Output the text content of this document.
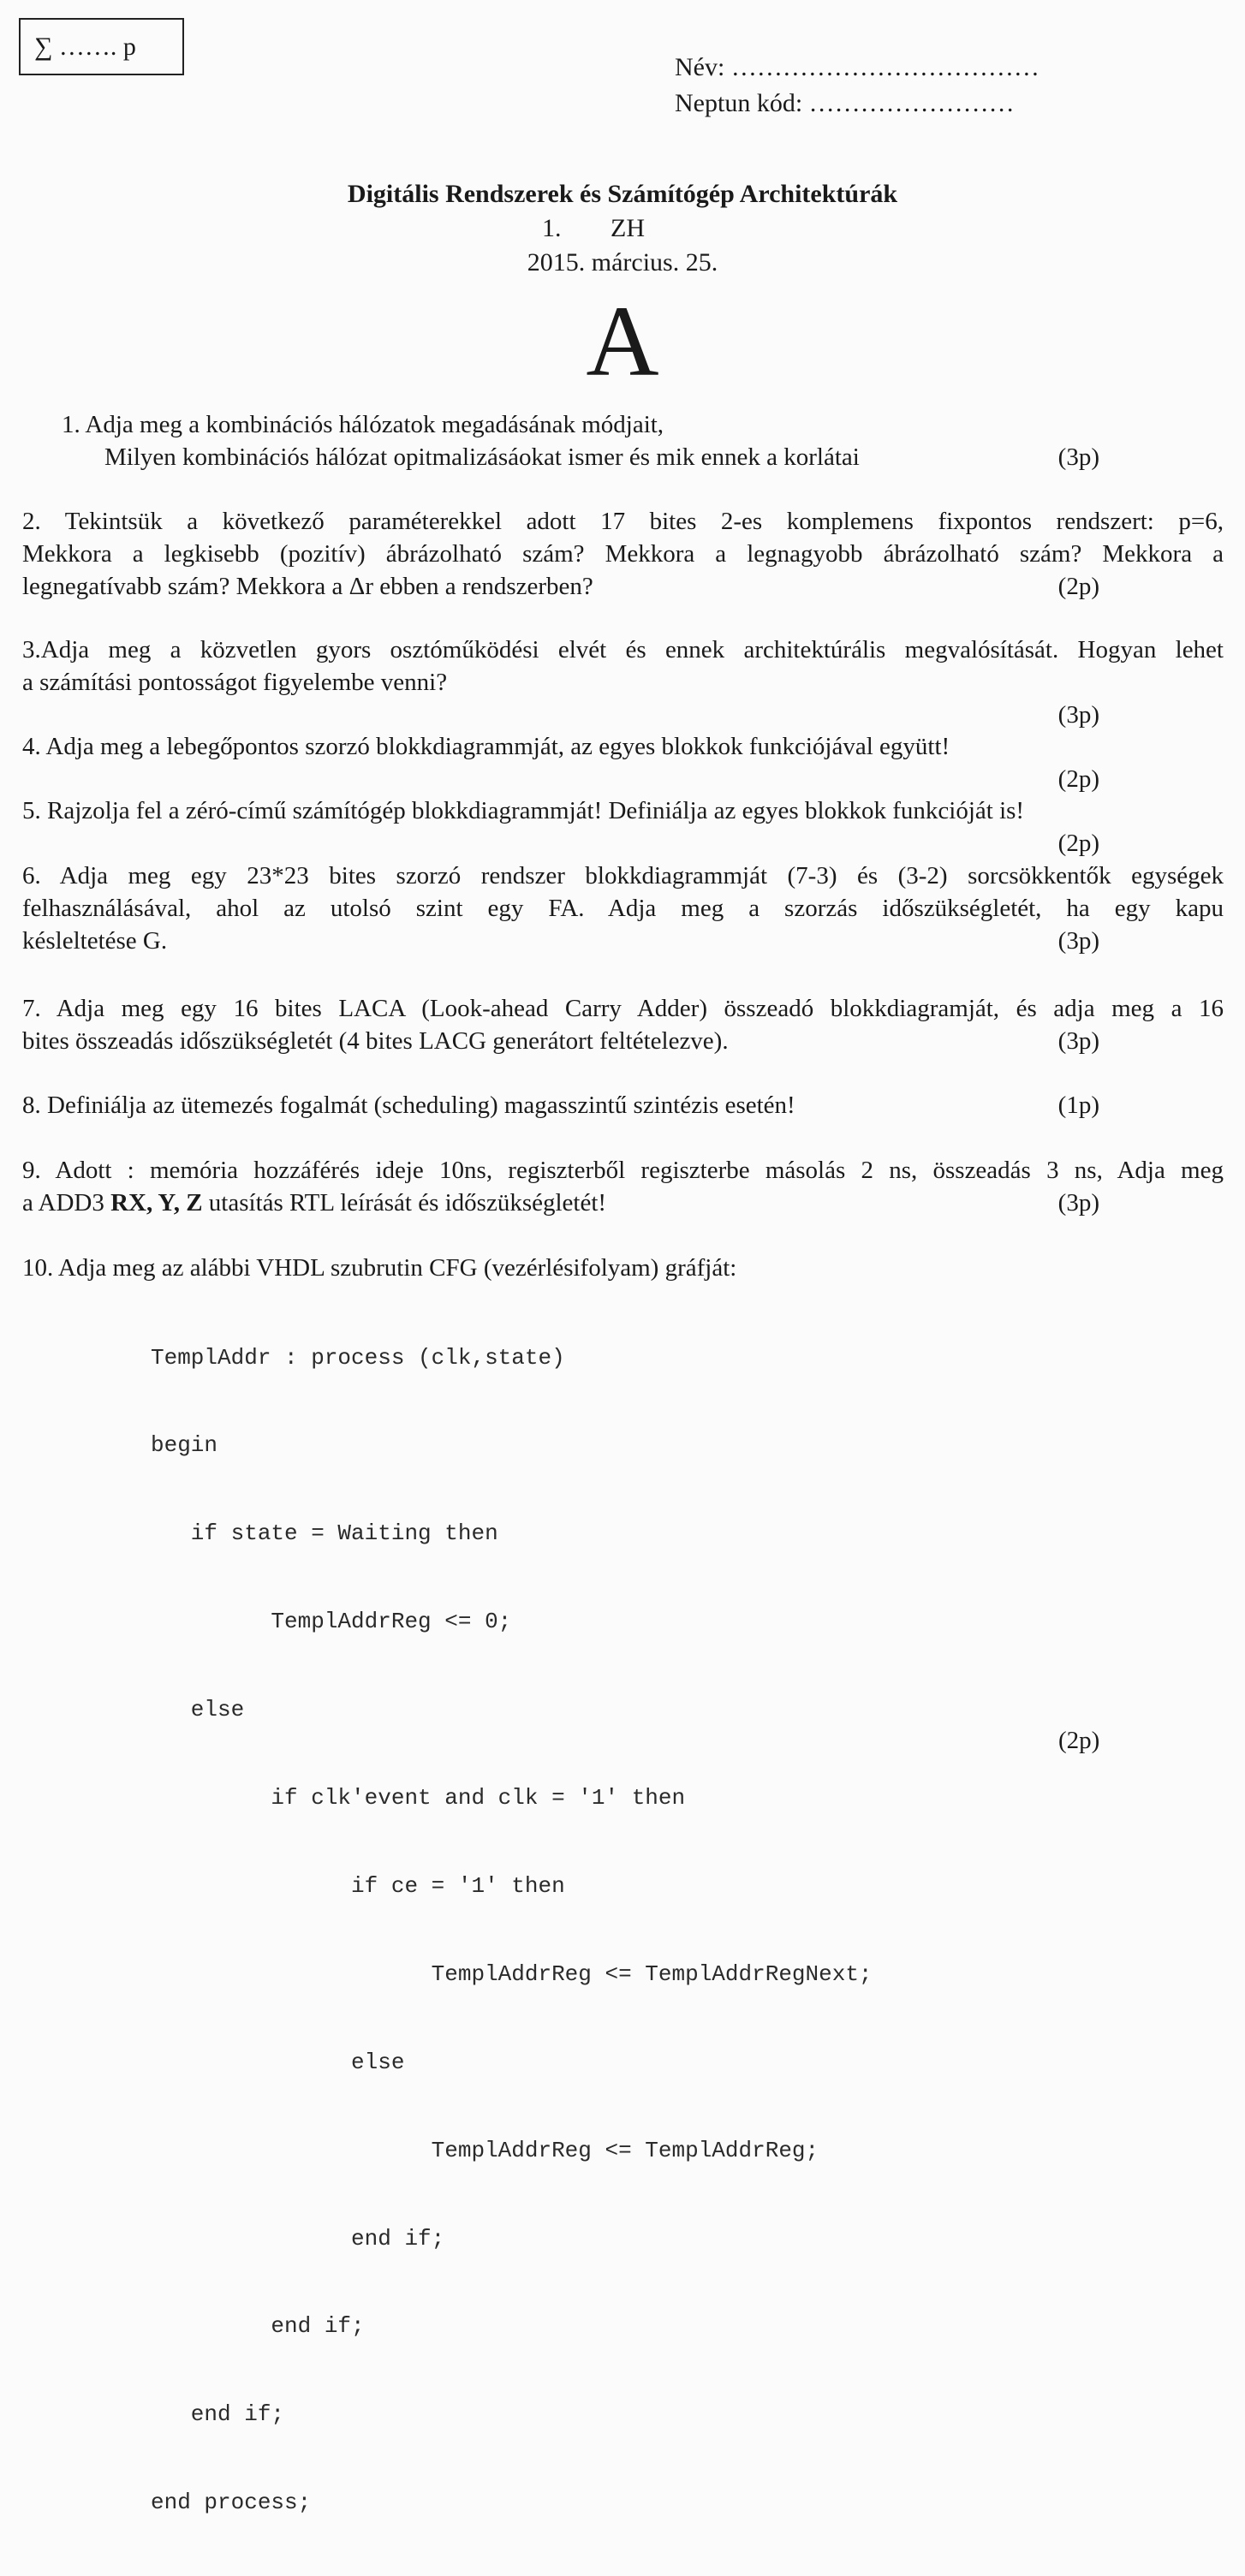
∑ ……. p
Név: ………………………………
Neptun kód: ……………………
Digitális Rendszerek és Számítógép Architektúrák
1. ZH
2015. március. 25.
A
1. Adja meg a kombinációs hálózatok megadásának módjait,
Milyen kombinációs hálózat opitmalizásáokat ismer és mik ennek a korlátai	(3p)
2. Tekintsük a következő paraméterekkel adott 17 bites 2-es komplemens fixpontos rendszert: p=6,
Mekkora a legkisebb (pozitív) ábrázolható szám? Mekkora a legnagyobb ábrázolható szám? Mekkora a
legnegatívabb szám? Mekkora a Δr ebben a rendszerben?	(2p)
3.Adja meg a közvetlen gyors osztóműködési elvét és ennek architektúrális megvalósítását. Hogyan lehet
a számítási pontosságot figyelembe venni?
(3p)
4. Adja meg a lebegőpontos szorzó blokkdiagrammját, az egyes blokkok funkciójával együtt!
(2p)
5. Rajzolja fel a zéró-című számítógép blokkdiagrammját! Definiálja az egyes blokkok funkcióját is!
(2p)
6. Adja meg egy 23*23 bites szorzó rendszer blokkdiagrammját (7-3) és (3-2) sorcsökkentők egységek
felhasználásával, ahol az utolsó szint egy FA. Adja meg a szorzás időszükségletét, ha egy kapu
késleltetése G.	(3p)
7. Adja meg egy 16 bites LACA (Look-ahead Carry Adder) összeadó blokkdiagramját, és adja meg a 16
bites összeadás időszükségletét (4 bites LACG generátort feltételezve).	(3p)
8. Definiálja az ütemezés fogalmát (scheduling) magasszintű szintézis esetén!	(1p)
9. Adott : memória hozzáférés ideje 10ns, regiszterből regiszterbe másolás 2 ns, összeadás 3 ns, Adja meg
a ADD3 RX, Y, Z utasítás RTL leírását és időszükségletét!	(3p)
10. Adja meg az alábbi VHDL szubrutin CFG (vezérlésifolyam) gráfját:

TemplAddr : process (clk,state)

begin

if state = Waiting then

TemplAddrReg <= 0;

else

if clk'event and clk = '1' then

if ce = '1' then

TemplAddrReg <= TemplAddrRegNext;

else

TemplAddrReg <= TemplAddrReg;

end if;

end if;

end if;

end process;

(2p)
